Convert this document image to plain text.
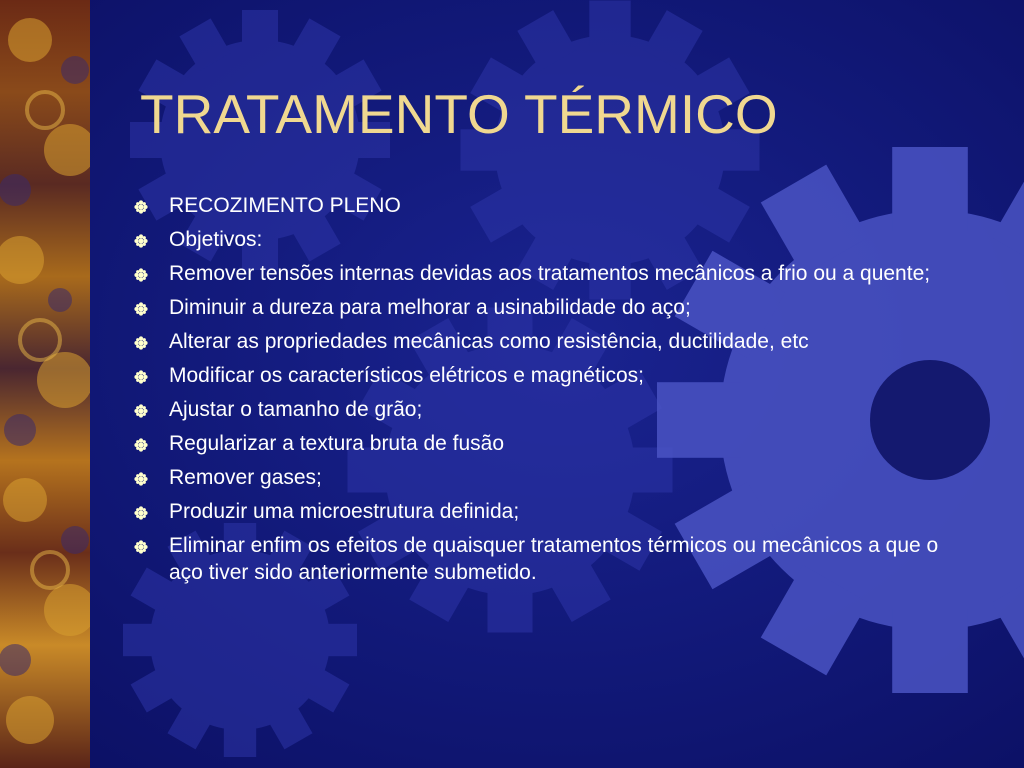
TRATAMENTO TÉRMICO
RECOZIMENTO PLENO
Objetivos:
Remover tensões internas devidas aos tratamentos mecânicos a frio ou a quente;
Diminuir a dureza para melhorar a usinabilidade do aço;
Alterar as propriedades mecânicas como resistência, ductilidade, etc
Modificar os característicos elétricos e magnéticos;
Ajustar o tamanho de grão;
Regularizar a textura bruta de fusão
Remover gases;
Produzir uma microestrutura definida;
Eliminar enfim os efeitos de quaisquer tratamentos térmicos ou mecânicos a que o aço tiver sido anteriormente submetido.
